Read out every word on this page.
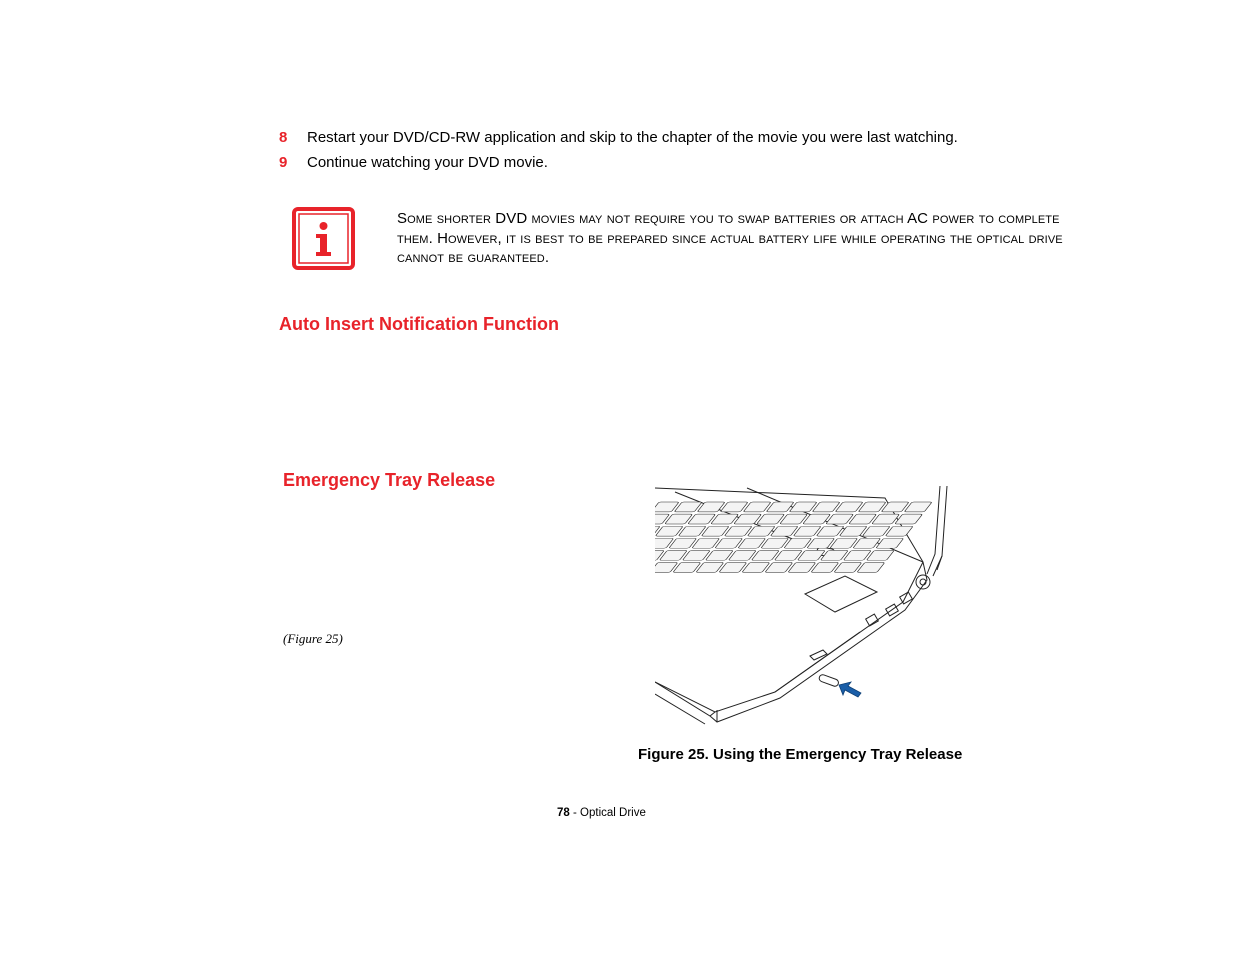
8 Restart your DVD/CD-RW application and skip to the chapter of the movie you were last watching.
9 Continue watching your DVD movie.
Some shorter DVD movies may not require you to swap batteries or attach AC power to complete them. However, it is best to be prepared since actual battery life while operating the optical drive cannot be guaranteed.
Auto Insert Notification Function
Emergency Tray Release
(Figure 25)
Figure 25. Using the Emergency Tray Release
78 - Optical Drive
